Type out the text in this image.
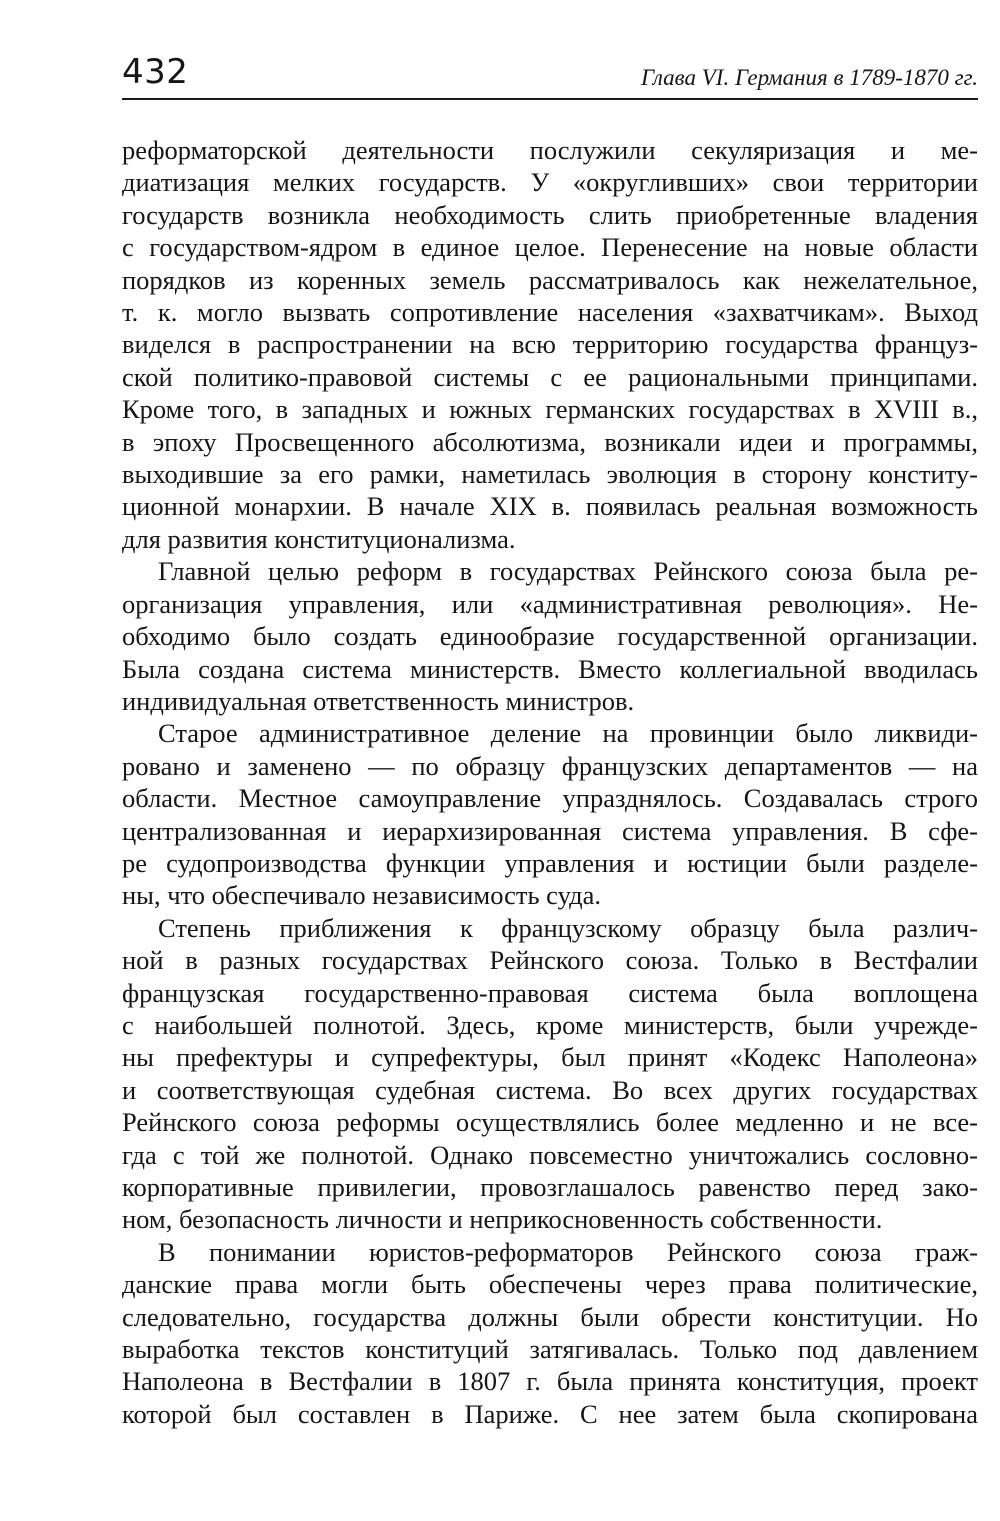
432	Глава VI. Германия в 1789-1870 гг.

реформаторской деятельности послужили секуляризация и ме-
диатизация мелких государств. У «округливших» свои территории
государств возникла необходимость слить приобретенные владения
с государством-ядром в единое целое. Перенесение на новые области
порядков из коренных земель рассматривалось как нежелательное,
т. к. могло вызвать сопротивление населения «захватчикам». Выход
виделся в распространении на всю территорию государства француз-
ской политико-правовой системы с ее рациональными принципами.
Кроме того, в западных и южных германских государствах в XVIII в.,
в эпоху Просвещенного абсолютизма, возникали идеи и программы,
выходившие за его рамки, наметилась эволюция в сторону конститу-
ционной монархии. В начале XIX в. появилась реальная возможность
для развития конституционализма.

Главной целью реформ в государствах Рейнского союза была ре-
организация управления, или «административная революция». Не-
обходимо было создать единообразие государственной организации.
Была создана система министерств. Вместо коллегиальной вводилась
индивидуальная ответственность министров.

Старое административное деление на провинции было ликвиди-
ровано и заменено — по образцу французских департаментов — на
области. Местное самоуправление упразднялось. Создавалась строго
централизованная и иерархизированная система управления. В сфе-
ре судопроизводства функции управления и юстиции были разделе-
ны, что обеспечивало независимость суда.

Степень приближения к французскому образцу была различ-
ной в разных государствах Рейнского союза. Только в Вестфалии
французская государственно-правовая система была воплощена
с наибольшей полнотой. Здесь, кроме министерств, были учрежде-
ны префектуры и супрефектуры, был принят «Кодекс Наполеона»
и соответствующая судебная система. Во всех других государствах
Рейнского союза реформы осуществлялись более медленно и не все-
гда с той же полнотой. Однако повсеместно уничтожались сословно-
корпоративные привилегии, провозглашалось равенство перед зако-
ном, безопасность личности и неприкосновенность собственности.

В понимании юристов-реформаторов Рейнского союза граж-
данские права могли быть обеспечены через права политические,
следовательно, государства должны были обрести конституции. Но
выработка текстов конституций затягивалась. Только под давлением
Наполеона в Вестфалии в 1807 г. была принята конституция, проект
которой был составлен в Париже. С нее затем была скопирована
